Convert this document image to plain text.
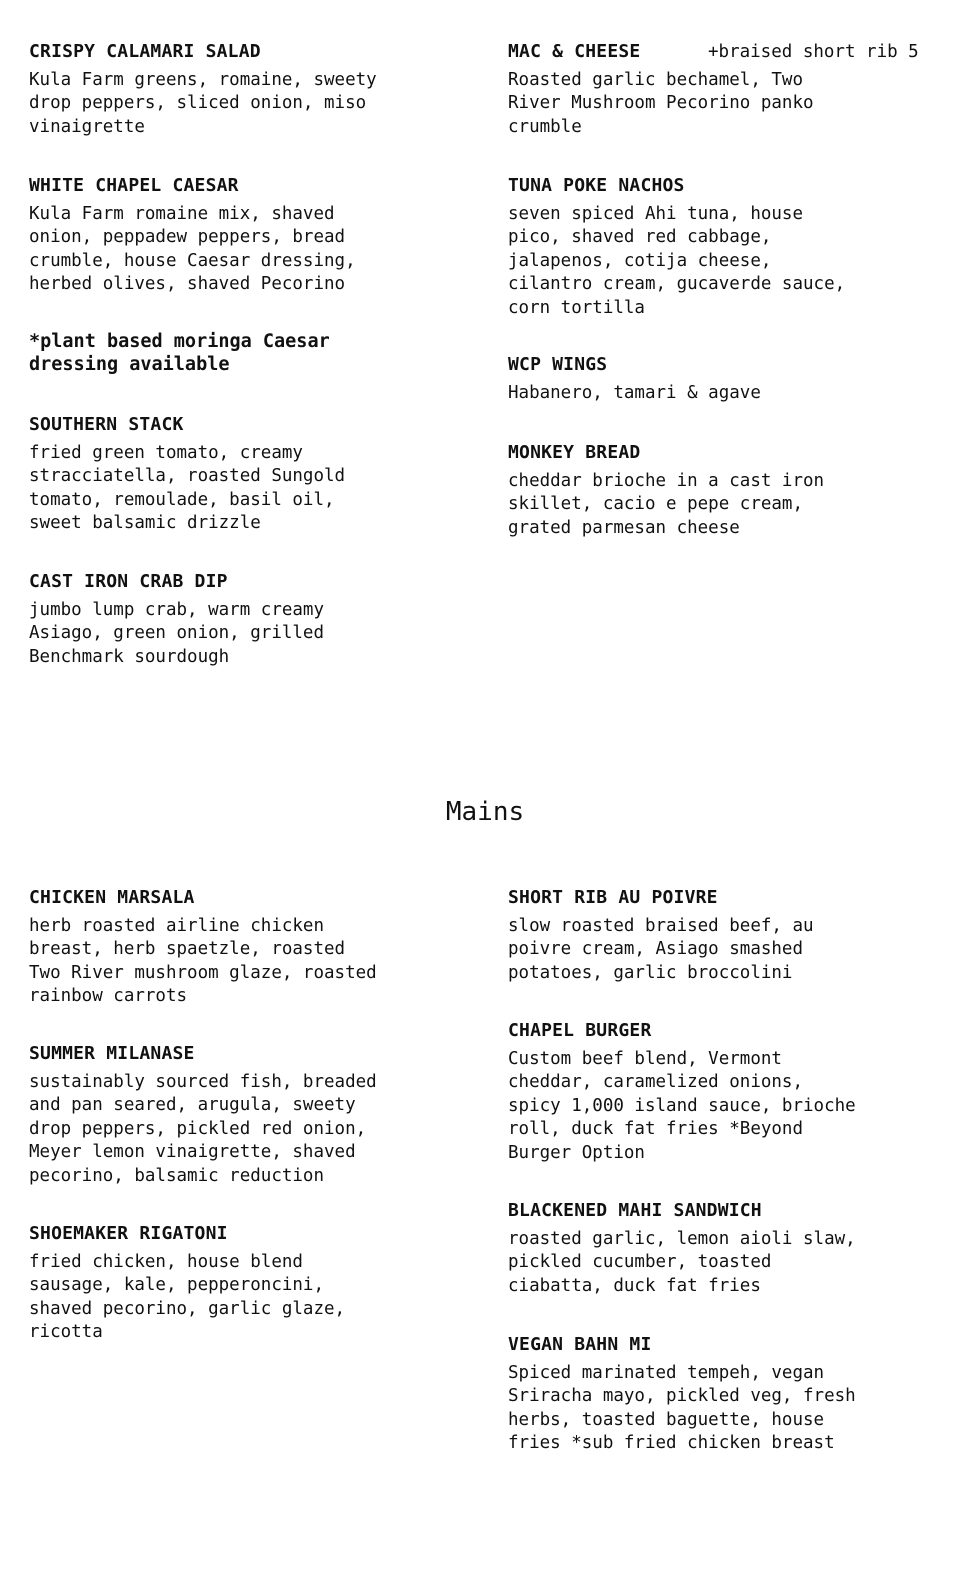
CRISPY CALAMARI SALAD
Kula Farm greens, romaine, sweety
drop peppers, sliced onion, miso
vinaigrette
WHITE CHAPEL CAESAR
Kula Farm romaine mix, shaved
onion, peppadew peppers, bread
crumble, house Caesar dressing,
herbed olives, shaved Pecorino
*plant based moringa Caesar
dressing available
SOUTHERN STACK
fried green tomato, creamy
stracciatella, roasted Sungold
tomato, remoulade, basil oil,
sweet balsamic drizzle
CAST IRON CRAB DIP
jumbo lump crab, warm creamy
Asiago, green onion, grilled
Benchmark sourdough
MAC & CHEESE
Roasted garlic bechamel, Two
River Mushroom Pecorino panko
crumble
+braised short rib 5
TUNA POKE NACHOS
seven spiced Ahi tuna, house
pico, shaved red cabbage,
jalapenos, cotija cheese,
cilantro cream, gucaverde sauce,
corn tortilla
WCP WINGS
Habanero, tamari & agave
MONKEY BREAD
cheddar brioche in a cast iron
skillet, cacio e pepe cream,
grated parmesan cheese
Mains
CHICKEN MARSALA
herb roasted airline chicken
breast, herb spaetzle, roasted
Two River mushroom glaze, roasted
rainbow carrots
SUMMER MILANASE
sustainably sourced fish, breaded
and pan seared, arugula, sweety
drop peppers, pickled red onion,
Meyer lemon vinaigrette, shaved
pecorino, balsamic reduction
SHOEMAKER RIGATONI
fried chicken, house blend
sausage, kale, pepperoncini,
shaved pecorino, garlic glaze,
ricotta
SHORT RIB AU POIVRE
slow roasted braised beef, au
poivre cream, Asiago smashed
potatoes, garlic broccolini
CHAPEL BURGER
Custom beef blend, Vermont
cheddar, caramelized onions,
spicy 1,000 island sauce, brioche
roll, duck fat fries *Beyond
Burger Option
BLACKENED MAHI SANDWICH
roasted garlic, lemon aioli slaw,
pickled cucumber, toasted
ciabatta, duck fat fries
VEGAN BAHN MI
Spiced marinated tempeh, vegan
Sriracha mayo, pickled veg, fresh
herbs, toasted baguette, house
fries *sub fried chicken breast
